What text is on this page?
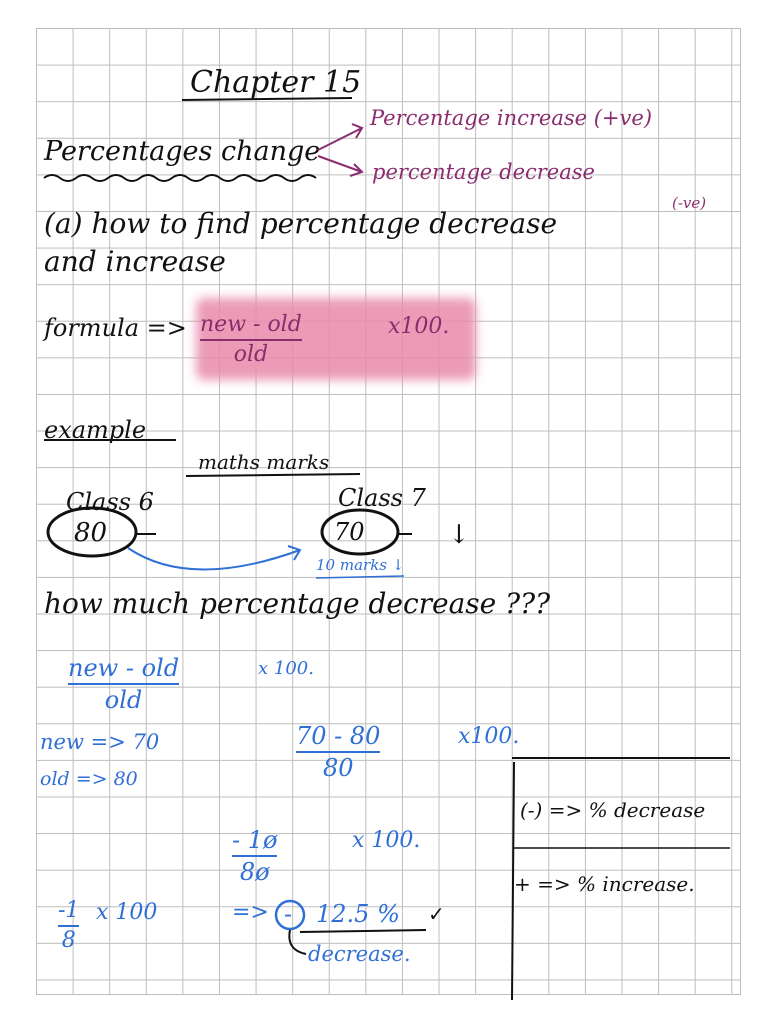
Chapter 15
Percentages change
Percentage increase (+ve)
percentage decrease
(-ve)
(a) how to find percentage decrease
and increase
formula => new - old
old
x100.
example
maths marks
Class 6
80
Class 7
70	↓
10 marks ↓
how much percentage decrease ???
new - old
old
x 100.
new => 70
old => 80
70 - 80
80
x100.
- 1ø
8ø
x 100.
-1
8
x 100	=> - 12.5 % ✓
decrease.
(-) => % decrease
+ => % increase.
